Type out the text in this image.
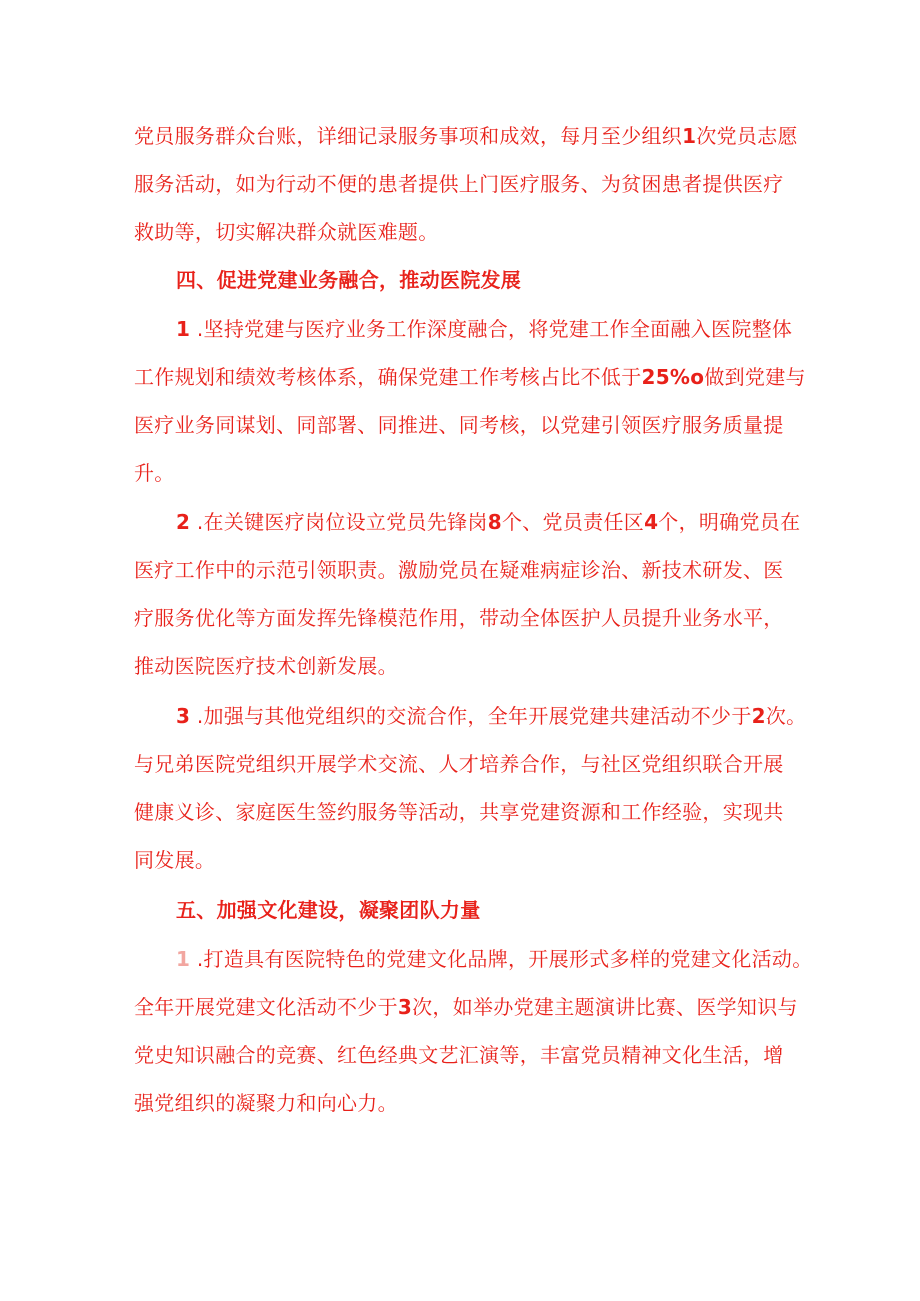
党员服务群众台账，详细记录服务事项和成效，每月至少组织1次党员志愿
服务活动，如为行动不便的患者提供上门医疗服务、为贫困患者提供医疗
救助等，切实解决群众就医难题。
四、促进党建业务融合，推动医院发展
1 .坚持党建与医疗业务工作深度融合，将党建工作全面融入医院整体
工作规划和绩效考核体系，确保党建工作考核占比不低于25%o做到党建与
医疗业务同谋划、同部署、同推进、同考核，以党建引领医疗服务质量提
升。
2 .在关键医疗岗位设立党员先锋岗8个、党员责任区4个，明确党员在
医疗工作中的示范引领职责。激励党员在疑难病症诊治、新技术研发、医
疗服务优化等方面发挥先锋模范作用，带动全体医护人员提升业务水平，
推动医院医疗技术创新发展。
3 .加强与其他党组织的交流合作，全年开展党建共建活动不少于2次。
与兄弟医院党组织开展学术交流、人才培养合作，与社区党组织联合开展
健康义诊、家庭医生签约服务等活动，共享党建资源和工作经验，实现共
同发展。
五、加强文化建设，凝聚团队力量
1 .打造具有医院特色的党建文化品牌，开展形式多样的党建文化活动。
全年开展党建文化活动不少于3次，如举办党建主题演讲比赛、医学知识与
党史知识融合的竞赛、红色经典文艺汇演等，丰富党员精神文化生活，增
强党组织的凝聚力和向心力。
